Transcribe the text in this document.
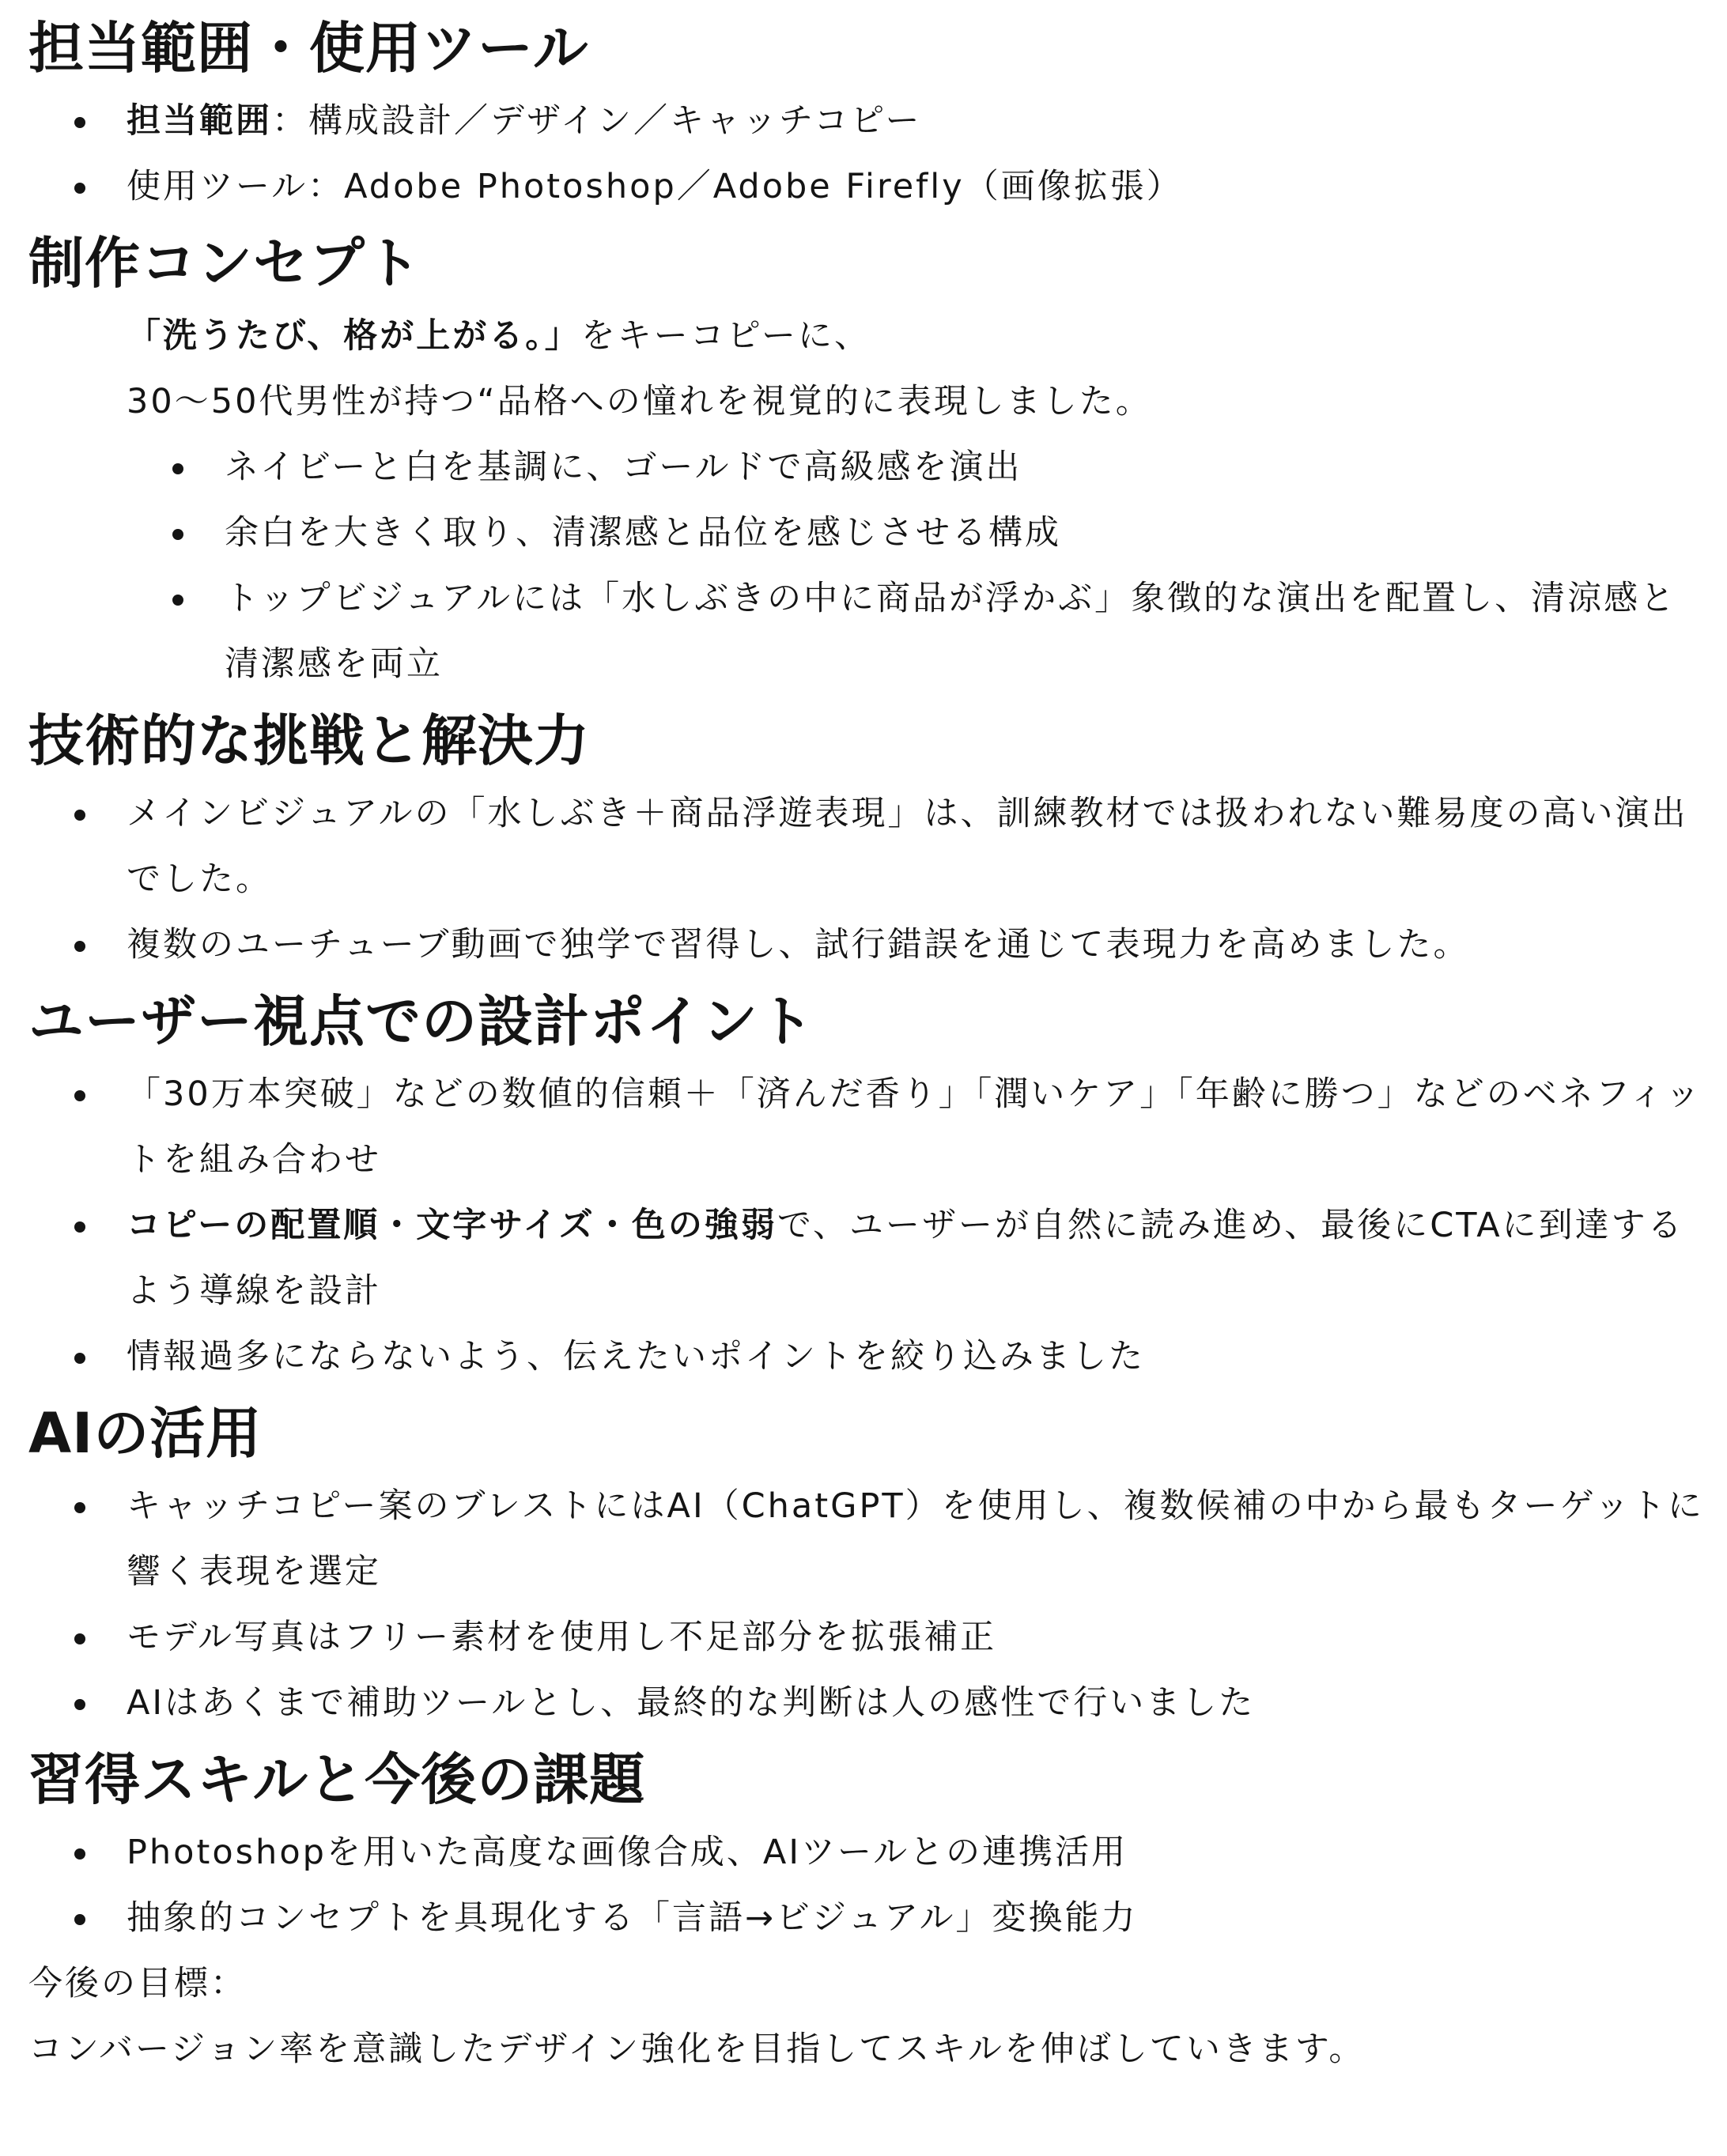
担当範囲・使用ツール
担当範囲：構成設計／デザイン／キャッチコピー
使用ツール：Adobe Photoshop／Adobe Firefly（画像拡張）
制作コンセプト
「洗うたび、格が上がる。」をキーコピーに、
30〜50代男性が持つ“品格への憧れを視覚的に表現しました。
ネイビーと白を基調に、ゴールドで高級感を演出
余白を大きく取り、清潔感と品位を感じさせる構成
トップビジュアルには「水しぶきの中に商品が浮かぶ」象徴的な演出を配置し、清涼感と清潔感を両立
技術的な挑戦と解決力
メインビジュアルの「水しぶき＋商品浮遊表現」は、訓練教材では扱われない難易度の高い演出でした。
複数のユーチューブ動画で独学で習得し、試行錯誤を通じて表現力を高めました。
ユーザー視点での設計ポイント
「30万本突破」などの数値的信頼＋「済んだ香り」「潤いケア」「年齢に勝つ」などのベネフィットを組み合わせ
コピーの配置順・文字サイズ・色の強弱で、ユーザーが自然に読み進め、最後にCTAに到達するよう導線を設計
情報過多にならないよう、伝えたいポイントを絞り込みました
AIの活用
キャッチコピー案のブレストにはAI（ChatGPT）を使用し、複数候補の中から最もターゲットに響く表現を選定
モデル写真はフリー素材を使用し不足部分を拡張補正
AIはあくまで補助ツールとし、最終的な判断は人の感性で行いました
習得スキルと今後の課題
Photoshopを用いた高度な画像合成、AIツールとの連携活用
抽象的コンセプトを具現化する「言語→ビジュアル」変換能力
今後の目標：
コンバージョン率を意識したデザイン強化を目指してスキルを伸ばしていきます。
